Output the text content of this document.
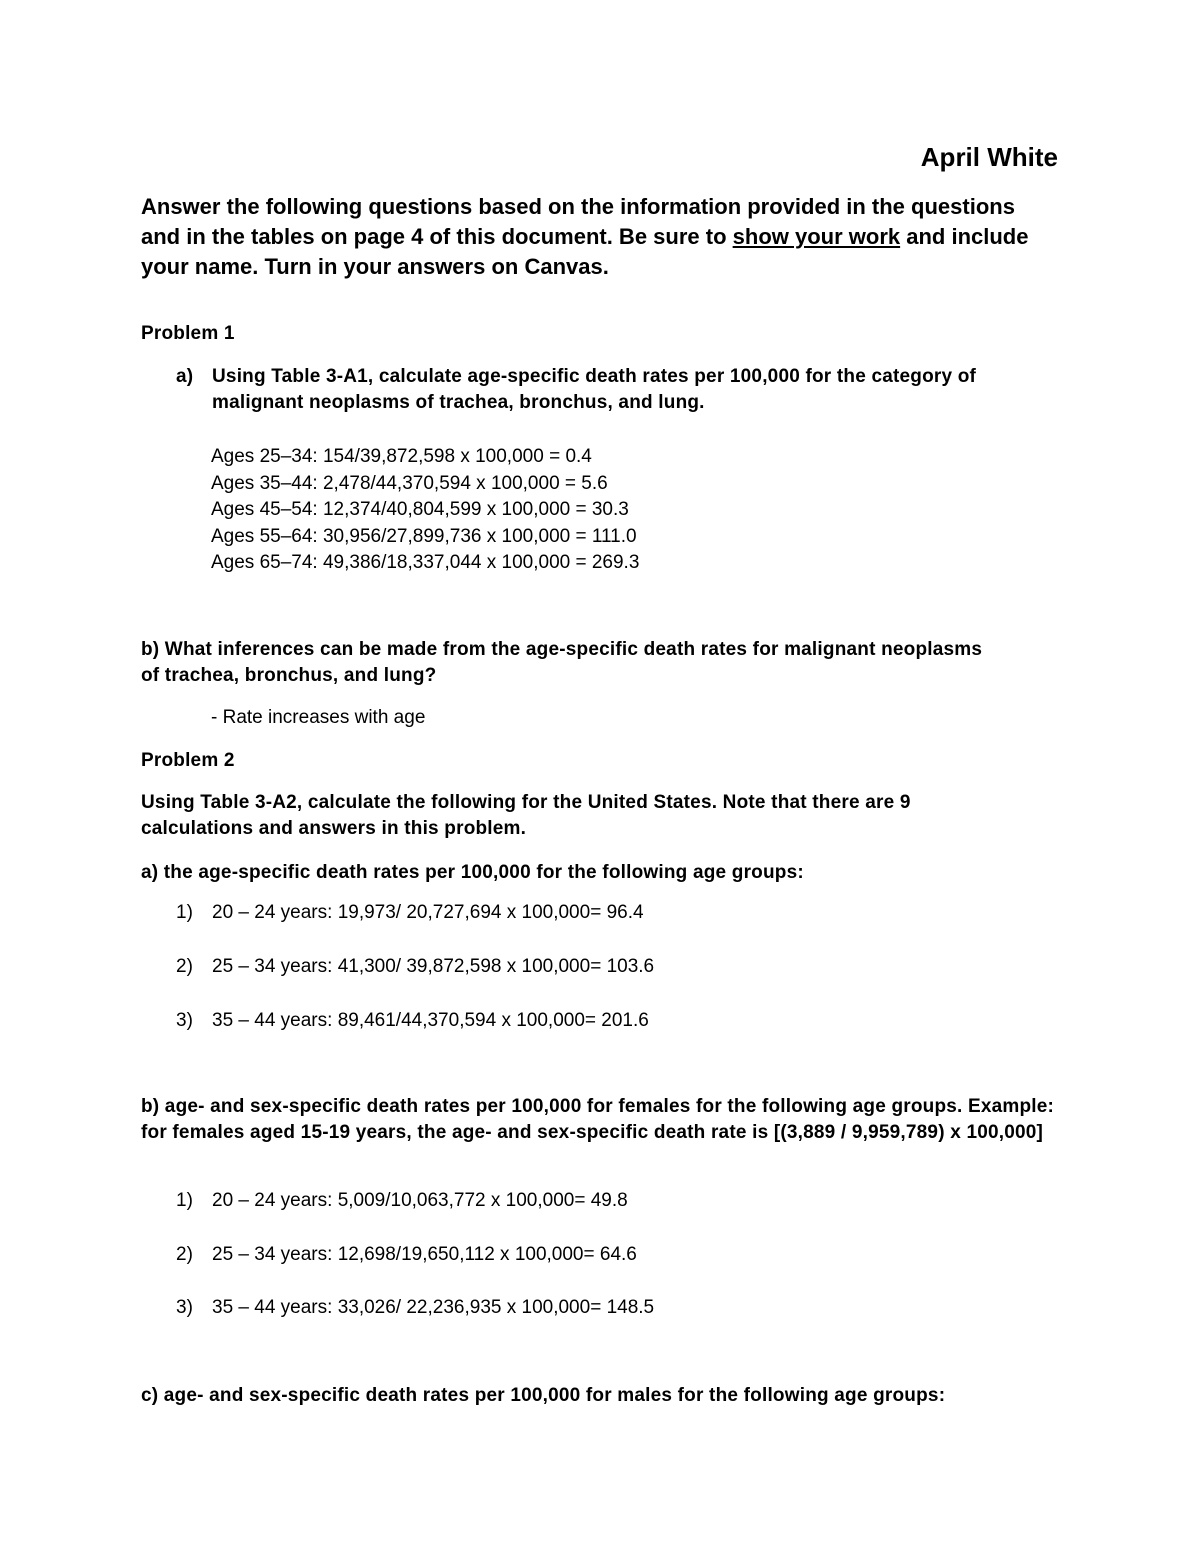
April White
Answer the following questions based on the information provided in the questions and in the tables on page 4 of this document. Be sure to show your work and include your name. Turn in your answers on Canvas.
Problem 1
a) Using Table 3-A1, calculate age-specific death rates per 100,000 for the category of malignant neoplasms of trachea, bronchus, and lung.
Ages 25–34: 154/39,872,598 x 100,000 = 0.4
Ages 35–44: 2,478/44,370,594 x 100,000 = 5.6
Ages 45–54: 12,374/40,804,599 x 100,000 = 30.3
Ages 55–64: 30,956/27,899,736 x 100,000 = 111.0
Ages 65–74: 49,386/18,337,044 x 100,000 = 269.3
b) What inferences can be made from the age-specific death rates for malignant neoplasms of trachea, bronchus, and lung?
- Rate increases with age
Problem 2
Using Table 3-A2, calculate the following for the United States. Note that there are 9 calculations and answers in this problem.
a) the age-specific death rates per 100,000 for the following age groups:
1) 20 – 24 years: 19,973/ 20,727,694 x 100,000= 96.4
2) 25 – 34 years: 41,300/ 39,872,598 x 100,000= 103.6
3) 35 – 44 years: 89,461/44,370,594 x 100,000= 201.6
b) age- and sex-specific death rates per 100,000 for females for the following age groups. Example: for females aged 15-19 years, the age- and sex-specific death rate is [(3,889 / 9,959,789) x 100,000]
1) 20 – 24 years: 5,009/10,063,772 x 100,000= 49.8
2) 25 – 34 years: 12,698/19,650,112 x 100,000= 64.6
3) 35 – 44 years: 33,026/ 22,236,935 x 100,000= 148.5
c) age- and sex-specific death rates per 100,000 for males for the following age groups:
